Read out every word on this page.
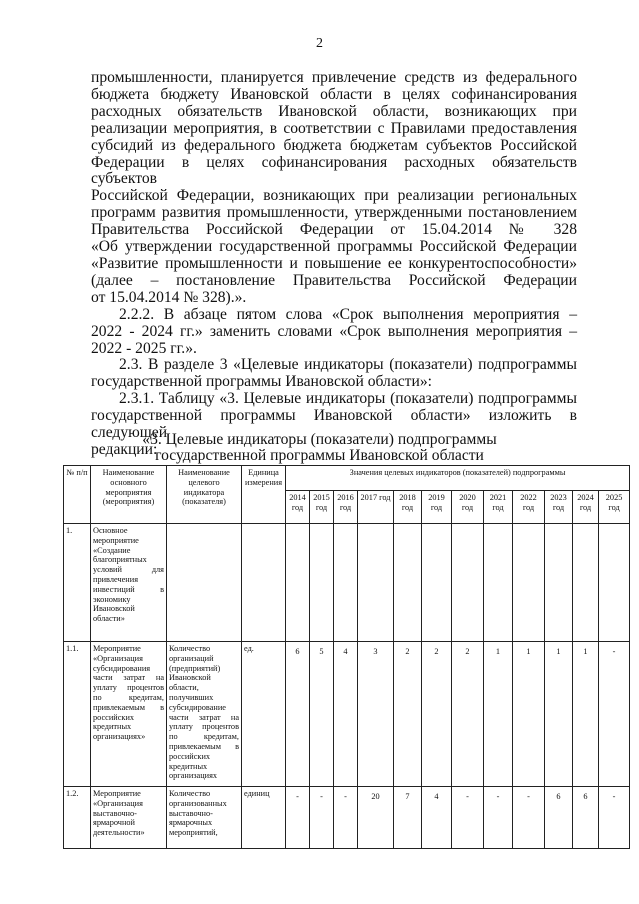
2

промышленности, планируется привлечение средств из федерального

бюджета бюджету Ивановской области в целях софинансирования

расходных обязательств Ивановской области, возникающих при

реализации мероприятия, в соответствии с Правилами предоставления

субсидий из федерального бюджета бюджетам субъектов Российской

Федерации в целях софинансирования расходных обязательств субъектов

Российской Федерации, возникающих при реализации региональных

программ развития промышленности, утвержденными постановлением

Правительства Российской Федерации от 15.04.2014 № 328

«Об утверждении государственной программы Российской Федерации

«Развитие промышленности и повышение ее конкурентоспособности»

(далее – постановление Правительства Российской Федерации

от 15.04.2014 № 328).».

2.2.2. В абзаце пятом слова «Срок выполнения мероприятия –

2022 - 2024 гг.» заменить словами «Срок выполнения мероприятия –

2022 - 2025 гг.».

2.3. В разделе 3 «Целевые индикаторы (показатели) подпрограммы

государственной программы Ивановской области»:

2.3.1. Таблицу «3. Целевые индикаторы (показатели) подпрограммы

государственной программы Ивановской области» изложить в следующей

редакции:

«3. Целевые индикаторы (показатели) подпрограммы
государственной программы Ивановской области
№ п/п	Наименование основного мероприятия (мероприятия)	Наименование целевого индикатора (показателя)	Единица измерения	Значения целевых индикаторов (показателей) подпрограммы											
				2014 год	2015 год	2016 год	2017 год	2018 год	2019 год	2020 год	2021 год	2022 год	2023 год	2024 год	2025 год
1.	Основное мероприятие «Создание благоприятных условий для привлечения инвестиций в экономику Ивановской области»														
1.1.	Мероприятие «Организация субсидирования части затрат на уплату процентов по кредитам, привлекаемым в российских кредитных организациях»	Количество организаций (предприятий) Ивановской области, получивших субсидирование части затрат на уплату процентов по кредитам, привлекаемым в российских кредитных организациях	ед.	6	5	4	3	2	2	2	1	1	1	1	-
1.2.	Мероприятие «Организация выставочно-ярмарочной деятельности»	Количество организованных выставочно-ярмарочных мероприятий,	единиц	-	-	-	20	7	4	-	-	-	6	6	-
